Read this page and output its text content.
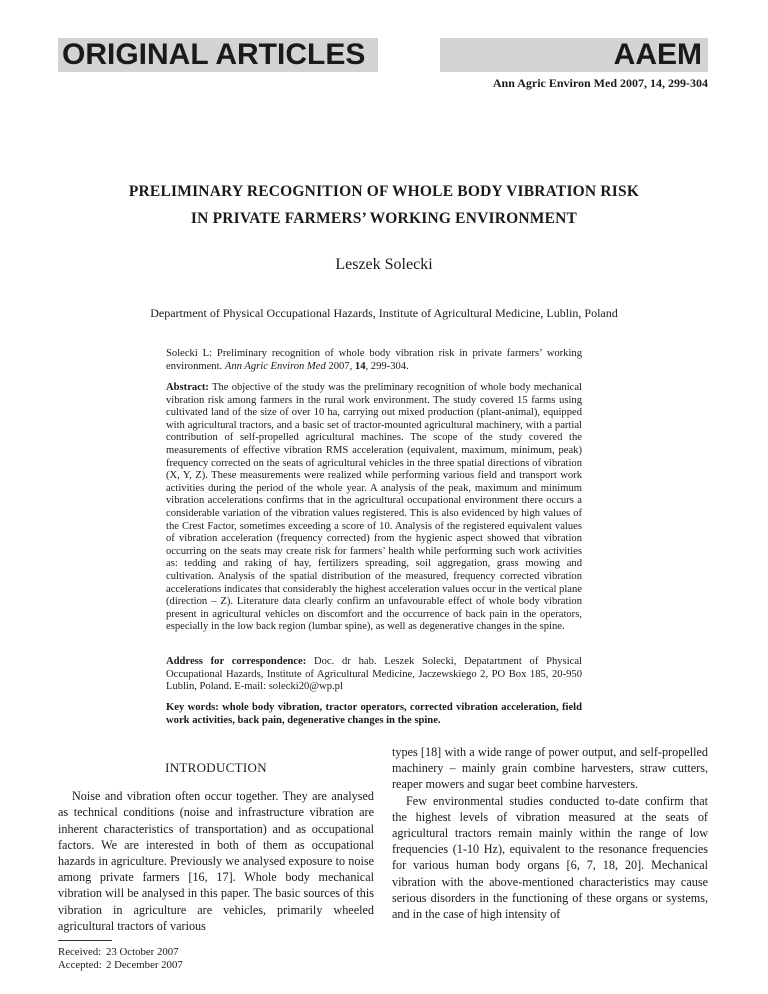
ORIGINAL ARTICLES	AAEM
Ann Agric Environ Med 2007, 14, 299-304
PRELIMINARY RECOGNITION OF WHOLE BODY VIBRATION RISK
IN PRIVATE FARMERS’ WORKING ENVIRONMENT
Leszek Solecki
Department of Physical Occupational Hazards, Institute of Agricultural Medicine, Lublin, Poland
Solecki L: Preliminary recognition of whole body vibration risk in private farmers’ working environment. Ann Agric Environ Med 2007, 14, 299-304.
Abstract: The objective of the study was the preliminary recognition of whole body mechanical vibration risk among farmers in the rural work environment. The study covered 15 farms using cultivated land of the size of over 10 ha, carrying out mixed production (plant-animal), equipped with agricultural tractors, and a basic set of tractor-mounted agricultural machinery, with a partial contribution of self-propelled agricultural machines. The scope of the study covered the measurements of effective vibration RMS acceleration (equivalent, maximum, minimum, peak) frequency corrected on the seats of agricultural vehicles in the three spatial directions of vibration (X, Y, Z). These measurements were realized while performing various field and transport work activities during the period of the whole year. A analysis of the peak, maximum and minimum vibration accelerations confirms that in the agricultural occupational environment there occurs a considerable variation of the vibration values registered. This is also evidenced by high values of the Crest Factor, sometimes exceeding a score of 10. Analysis of the registered equivalent values of vibration acceleration (frequency corrected) from the hygienic aspect showed that vibration occurring on the seats may create risk for farmers’ health while performing such work activities as: tedding and raking of hay, fertilizers spreading, soil aggregation, grass mowing and cultivation. Analysis of the spatial distribution of the measured, frequency corrected vibration accelerations indicates that considerably the highest acceleration values occur in the vertical plane (direction – Z). Literature data clearly confirm an unfavourable effect of whole body vibration present in agricultural vehicles on discomfort and the occurrence of back pain in the operators, especially in the low back region (lumbar spine), as well as degenerative changes in the spine.
Address for correspondence: Doc. dr hab. Leszek Solecki, Depatartment of Physical Occupational Hazards, Institute of Agricultural Medicine, Jaczewskiego 2, PO Box 185, 20-950 Lublin, Poland. E-mail: solecki20@wp.pl
Key words: whole body vibration, tractor operators, corrected vibration acceleration, field work activities, back pain, degenerative changes in the spine.
INTRODUCTION

Noise and vibration often occur together. They are analysed as technical conditions (noise and infrastructure vibration are inherent characteristics of transportation) and as occupational factors. We are interested in both of them as occupational hazards in agriculture. Previously we analysed exposure to noise among private farmers [16, 17]. Whole body mechanical vibration will be analysed in this paper. The basic sources of this vibration in agriculture are vehicles, primarily wheeled agricultural tractors of various

types [18] with a wide range of power output, and self-propelled machinery – mainly grain combine harvesters, straw cutters, reaper mowers and sugar beet combine harvesters.

Few environmental studies conducted to-date confirm that the highest levels of vibration measured at the seats of agricultural tractors remain mainly within the range of low frequencies (1-10 Hz), equivalent to the resonance frequencies for various human body organs [6, 7, 18, 20]. Mechanical vibration with the above-mentioned characteristics may cause serious disorders in the functioning of these organs or systems, and in the case of high intensity of

Received: 23 October 2007
Accepted: 2 December 2007
